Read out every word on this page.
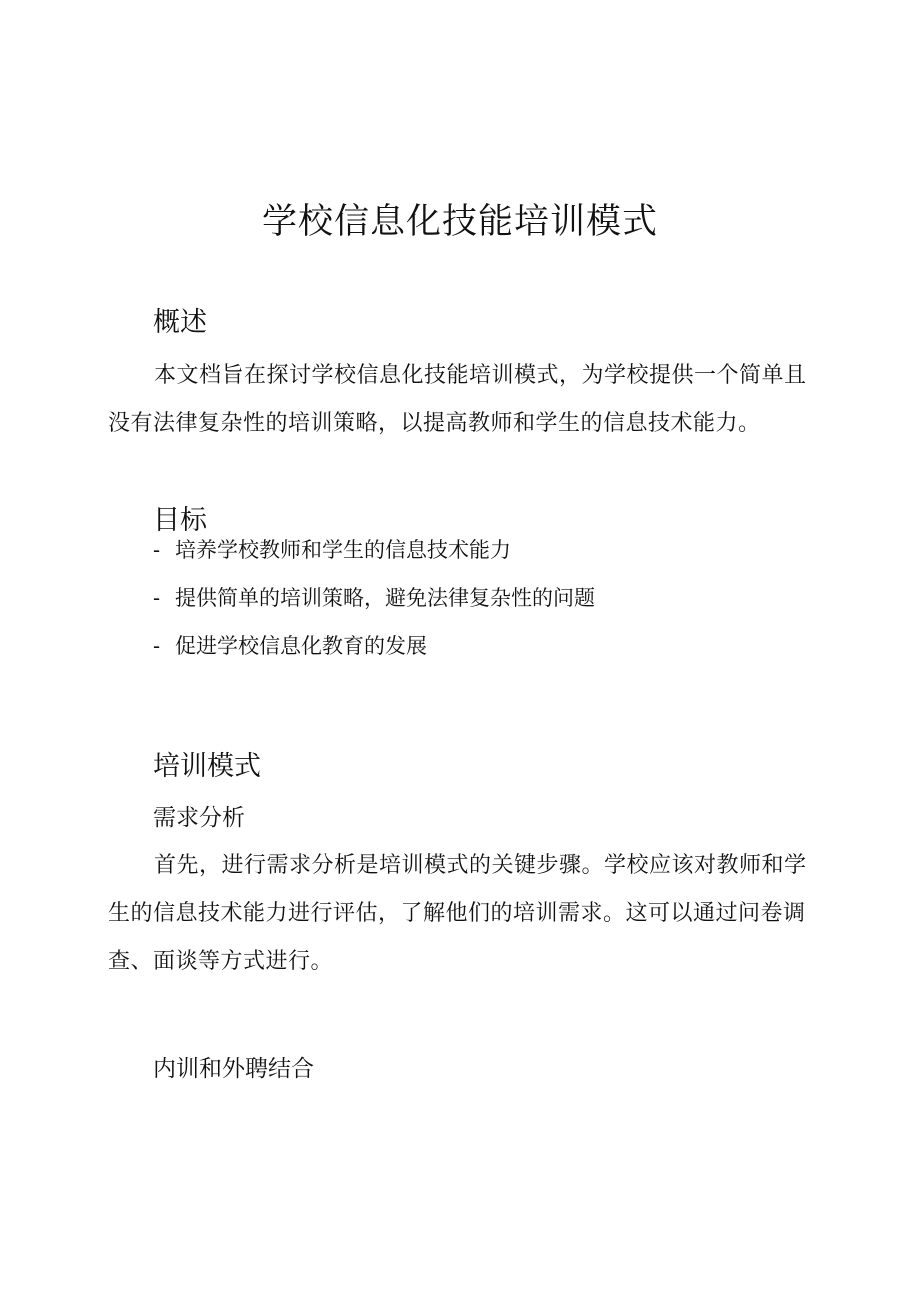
学校信息化技能培训模式
概述

本文档旨在探讨学校信息化技能培训模式，为学校提供一个简单且没有法律复杂性的培训策略，以提高教师和学生的信息技术能力。

目标
- 培养学校教师和学生的信息技术能力
- 提供简单的培训策略，避免法律复杂性的问题
- 促进学校信息化教育的发展
培训模式
需求分析

首先，进行需求分析是培训模式的关键步骤。学校应该对教师和学生的信息技术能力进行评估，了解他们的培训需求。这可以通过问卷调查、面谈等方式进行。

内训和外聘结合
